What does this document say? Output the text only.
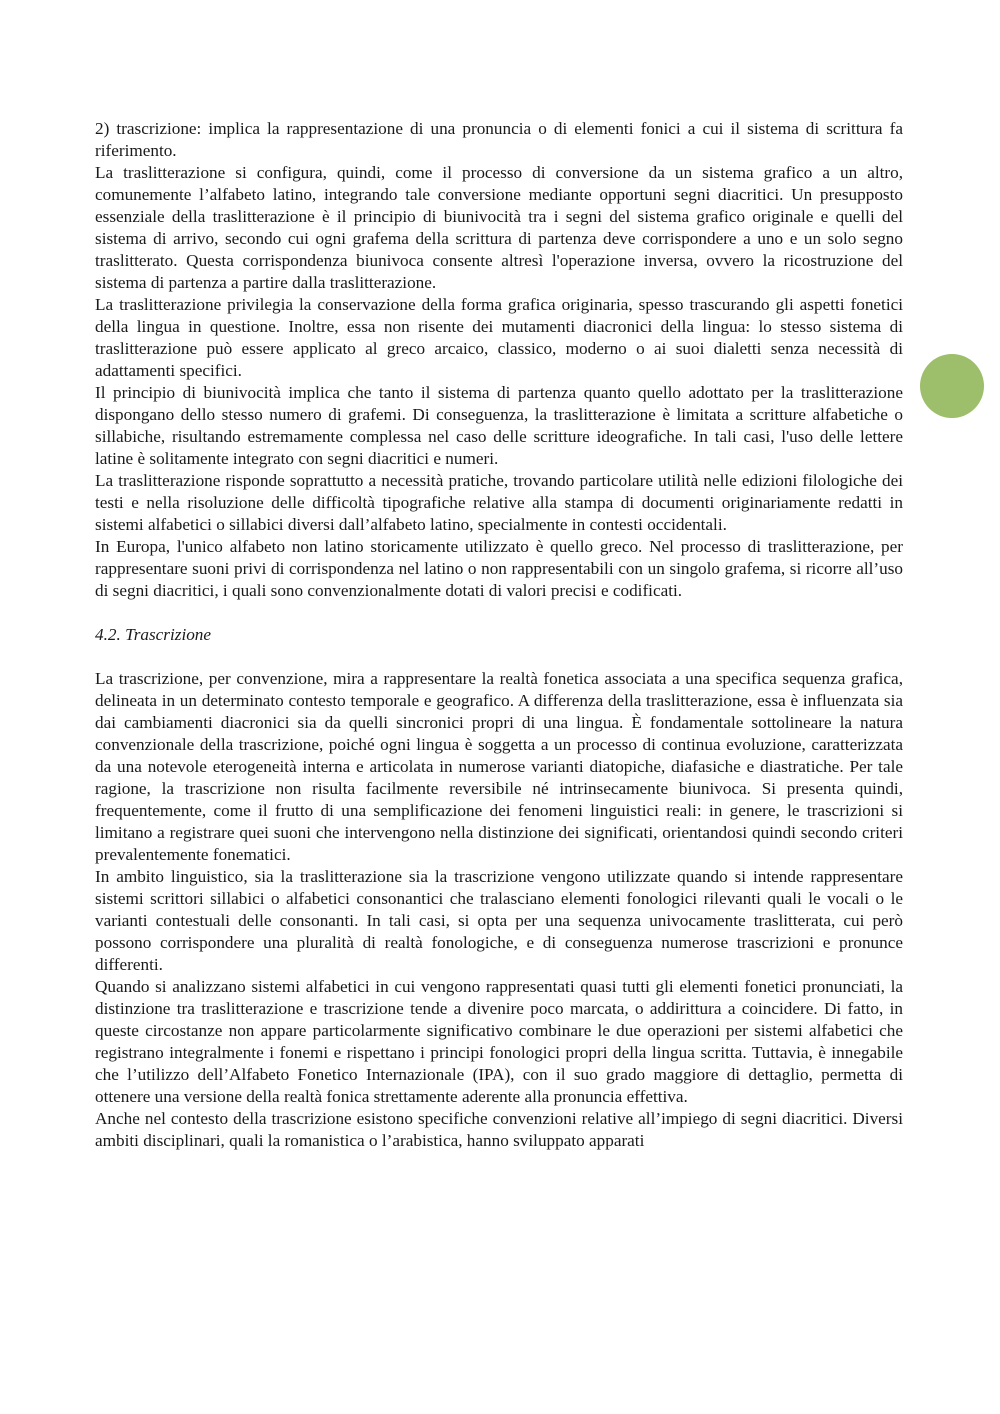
2) trascrizione: implica la rappresentazione di una pronuncia o di elementi fonici a cui il sistema di scrittura fa riferimento.

La traslitterazione si configura, quindi, come il processo di conversione da un sistema grafico a un altro, comunemente l’alfabeto latino, integrando tale conversione mediante opportuni segni diacritici. Un presupposto essenziale della traslitterazione è il principio di biunivocità tra i segni del sistema grafico originale e quelli del sistema di arrivo, secondo cui ogni grafema della scrittura di partenza deve corrispondere a uno e un solo segno traslitterato. Questa corrispondenza biunivoca consente altresì l'operazione inversa, ovvero la ricostruzione del sistema di partenza a partire dalla traslitterazione.

La traslitterazione privilegia la conservazione della forma grafica originaria, spesso trascurando gli aspetti fonetici della lingua in questione. Inoltre, essa non risente dei mutamenti diacronici della lingua: lo stesso sistema di traslitterazione può essere applicato al greco arcaico, classico, moderno o ai suoi dialetti senza necessità di adattamenti specifici.

Il principio di biunivocità implica che tanto il sistema di partenza quanto quello adottato per la traslitterazione dispongano dello stesso numero di grafemi. Di conseguenza, la traslitterazione è limitata a scritture alfabetiche o sillabiche, risultando estremamente complessa nel caso delle scritture ideografiche. In tali casi, l'uso delle lettere latine è solitamente integrato con segni diacritici e numeri.

La traslitterazione risponde soprattutto a necessità pratiche, trovando particolare utilità nelle edizioni filologiche dei testi e nella risoluzione delle difficoltà tipografiche relative alla stampa di documenti originariamente redatti in sistemi alfabetici o sillabici diversi dall’alfabeto latino, specialmente in contesti occidentali.

In Europa, l'unico alfabeto non latino storicamente utilizzato è quello greco. Nel processo di traslitterazione, per rappresentare suoni privi di corrispondenza nel latino o non rappresentabili con un singolo grafema, si ricorre all’uso di segni diacritici, i quali sono convenzionalmente dotati di valori precisi e codificati.

4.2. Trascrizione

La trascrizione, per convenzione, mira a rappresentare la realtà fonetica associata a una specifica sequenza grafica, delineata in un determinato contesto temporale e geografico. A differenza della traslitterazione, essa è influenzata sia dai cambiamenti diacronici sia da quelli sincronici propri di una lingua. È fondamentale sottolineare la natura convenzionale della trascrizione, poiché ogni lingua è soggetta a un processo di continua evoluzione, caratterizzata da una notevole eterogeneità interna e articolata in numerose varianti diatopiche, diafasiche e diastratiche. Per tale ragione, la trascrizione non risulta facilmente reversibile né intrinsecamente biunivoca. Si presenta quindi, frequentemente, come il frutto di una semplificazione dei fenomeni linguistici reali: in genere, le trascrizioni si limitano a registrare quei suoni che intervengono nella distinzione dei significati, orientandosi quindi secondo criteri prevalentemente fonematici.

In ambito linguistico, sia la traslitterazione sia la trascrizione vengono utilizzate quando si intende rappresentare sistemi scrittori sillabici o alfabetici consonantici che tralasciano elementi fonologici rilevanti quali le vocali o le varianti contestuali delle consonanti. In tali casi, si opta per una sequenza univocamente traslitterata, cui però possono corrispondere una pluralità di realtà fonologiche, e di conseguenza numerose trascrizioni e pronunce differenti.

Quando si analizzano sistemi alfabetici in cui vengono rappresentati quasi tutti gli elementi fonetici pronunciati, la distinzione tra traslitterazione e trascrizione tende a divenire poco marcata, o addirittura a coincidere. Di fatto, in queste circostanze non appare particolarmente significativo combinare le due operazioni per sistemi alfabetici che registrano integralmente i fonemi e rispettano i principi fonologici propri della lingua scritta. Tuttavia, è innegabile che l’utilizzo dell’Alfabeto Fonetico Internazionale (IPA), con il suo grado maggiore di dettaglio, permetta di ottenere una versione della realtà fonica strettamente aderente alla pronuncia effettiva.

Anche nel contesto della trascrizione esistono specifiche convenzioni relative all’impiego di segni diacritici. Diversi ambiti disciplinari, quali la romanistica o l’arabistica, hanno sviluppato apparati
